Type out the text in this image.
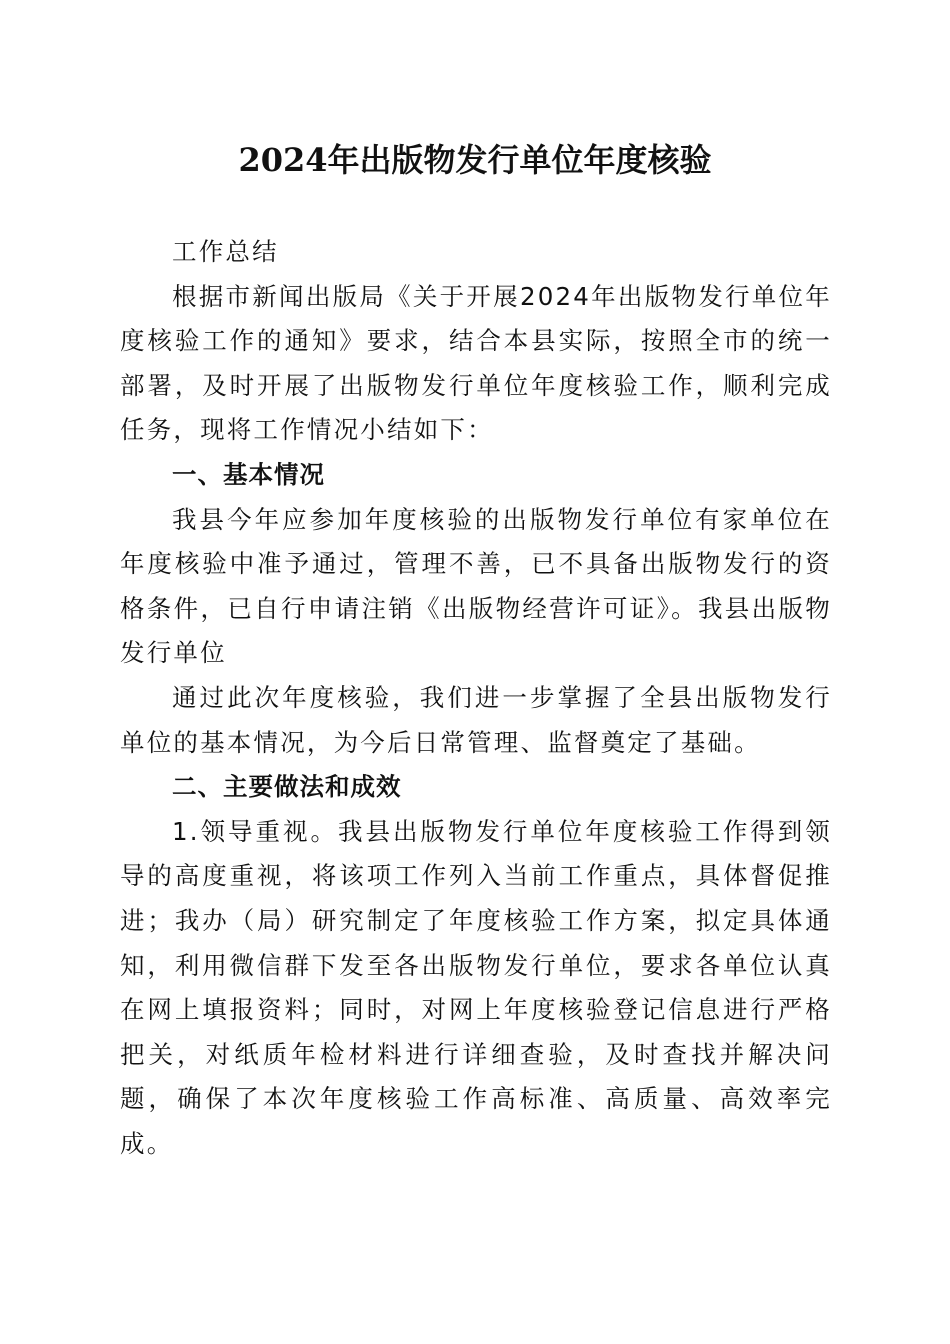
2024年出版物发行单位年度核验

工作总结

根据市新闻出版局《关于开展2024年出版物发行单位年度核验工作的通知》要求，结合本县实际，按照全市的统一部署，及时开展了出版物发行单位年度核验工作，顺利完成任务，现将工作情况小结如下：

一、基本情况

我县今年应参加年度核验的出版物发行单位有家单位在年度核验中准予通过，管理不善，已不具备出版物发行的资格条件，已自行申请注销《出版物经营许可证》。我县出版物发行单位

通过此次年度核验，我们进一步掌握了全县出版物发行单位的基本情况，为今后日常管理、监督奠定了基础。

二、主要做法和成效

1.领导重视。我县出版物发行单位年度核验工作得到领导的高度重视，将该项工作列入当前工作重点，具体督促推进；我办（局）研究制定了年度核验工作方案，拟定具体通知，利用微信群下发至各出版物发行单位，要求各单位认真在网上填报资料；同时，对网上年度核验登记信息进行严格把关，对纸质年检材料进行详细查验，及时查找并解决问题，确保了本次年度核验工作高标准、高质量、高效率完成。
